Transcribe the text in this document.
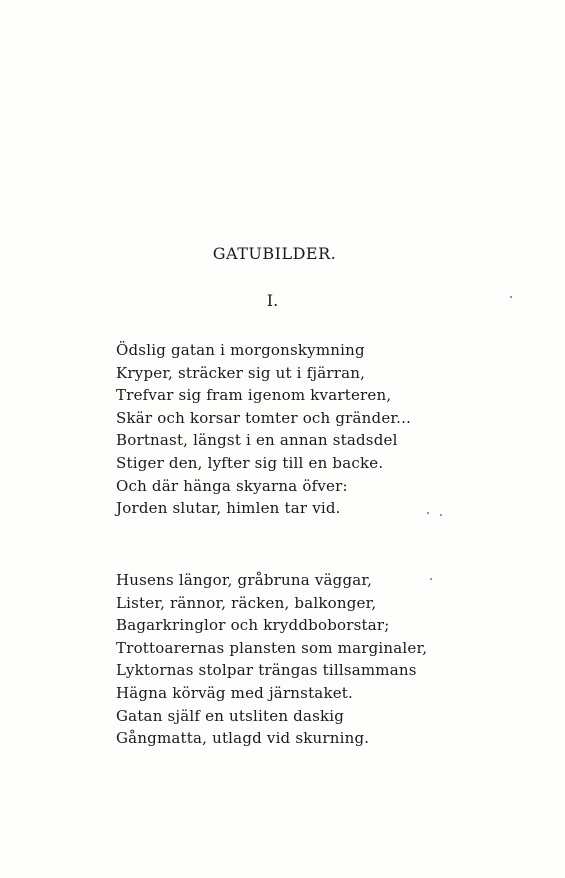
GATUBILDER.
I.
Ödslig gatan i morgonskymning
Kryper, sträcker sig ut i fjärran,
Trefvar sig fram igenom kvarteren,
Skär och korsar tomter och gränder...
Bortnast, längst i en annan stadsdel
Stiger den, lyfter sig till en backe.
Och där hänga skyarna öfver:
Jorden slutar, himlen tar vid.
Husens längor, gråbruna väggar,
Lister, rännor, räcken, balkonger,
Bagarkringlor och kryddboborstar;
Trottoarernas plansten som marginaler,
Lyktornas stolpar trängas tillsammans
Hägna körväg med järnstaket.
Gatan själf en utsliten daskig
Gångmatta, utlagd vid skurning.
